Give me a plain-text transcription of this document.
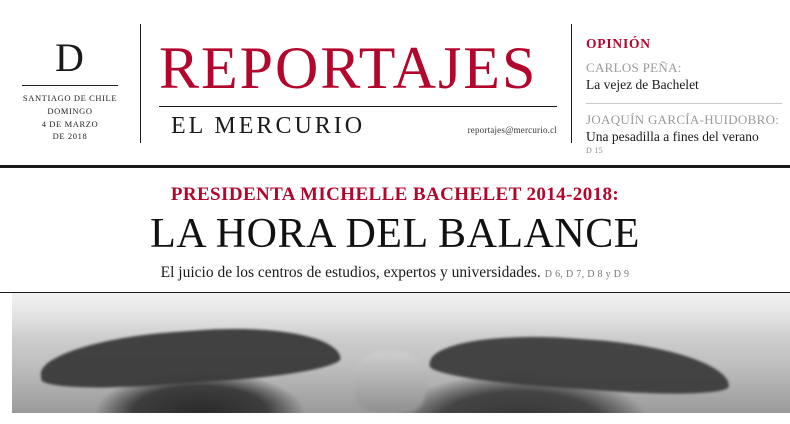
D
SANTIAGO DE CHILE
DOMINGO
4 DE MARZO
DE 2018
REPORTAJES
EL MERCURIO	reportajes@mercurio.cl
OPINIÓN
CARLOS PEÑA:
La vejez de Bachelet
JOAQUÍN GARCÍA-HUIDOBRO:
Una pesadilla a fines del verano
D 15
PRESIDENTA MICHELLE BACHELET 2014-2018:
LA HORA DEL BALANCE
El juicio de los centros de estudios, expertos y universidades. D 6, D 7, D 8 y D 9
